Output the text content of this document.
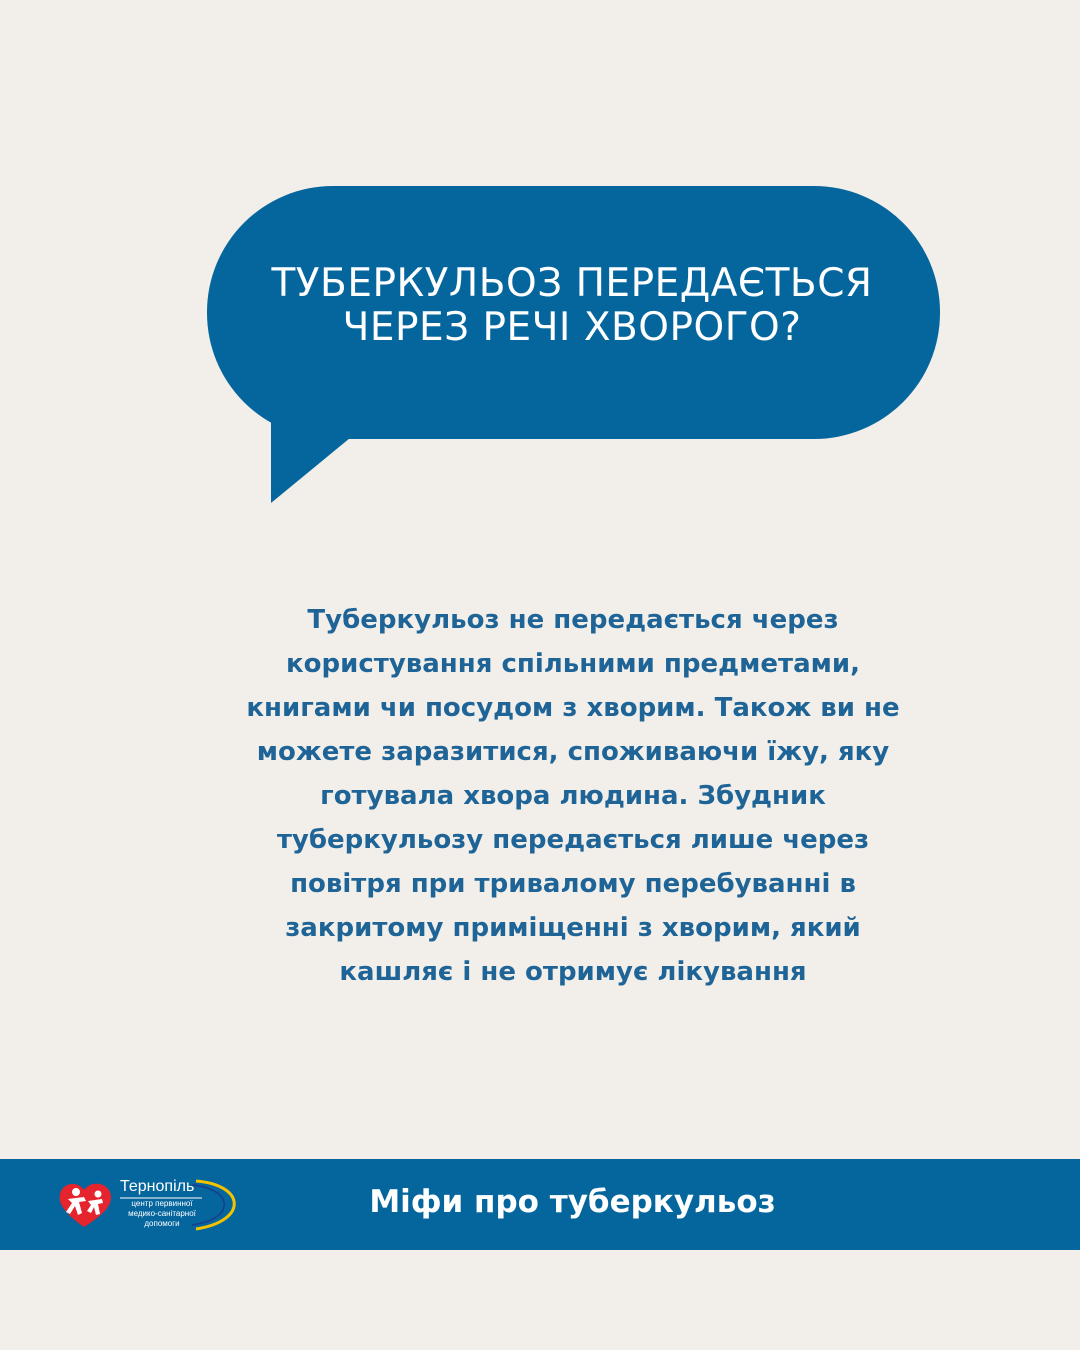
ТУБЕРКУЛЬОЗ ПЕРЕДАЄТЬСЯ
ЧЕРЕЗ РЕЧІ ХВОРОГО?
Туберкульоз не передається через
користування спільними предметами,
книгами чи посудом з хворим. Також ви не
можете заразитися, споживаючи їжу, яку
готувала хвора людина. Збудник
туберкульозу передається лише через
повітря при тривалому перебуванні в
закритому приміщенні з хворим, який
кашляє і не отримує лікування
Тернопіль
центр первинної
медико-санітарної
допомоги
Міфи про туберкульоз
